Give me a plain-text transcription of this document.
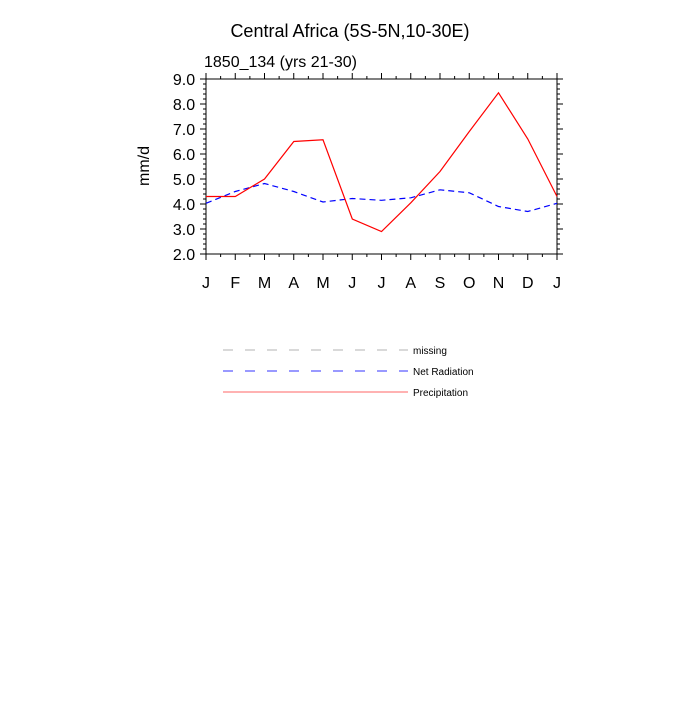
Central Africa (5S-5N,10-30E)
1850_134 (yrs 21-30)
mm/d
2.0
3.0
4.0
5.0
6.0
7.0
8.0
9.0
J F M A M J J A S O N D J
missing
Net Radiation
Precipitation
